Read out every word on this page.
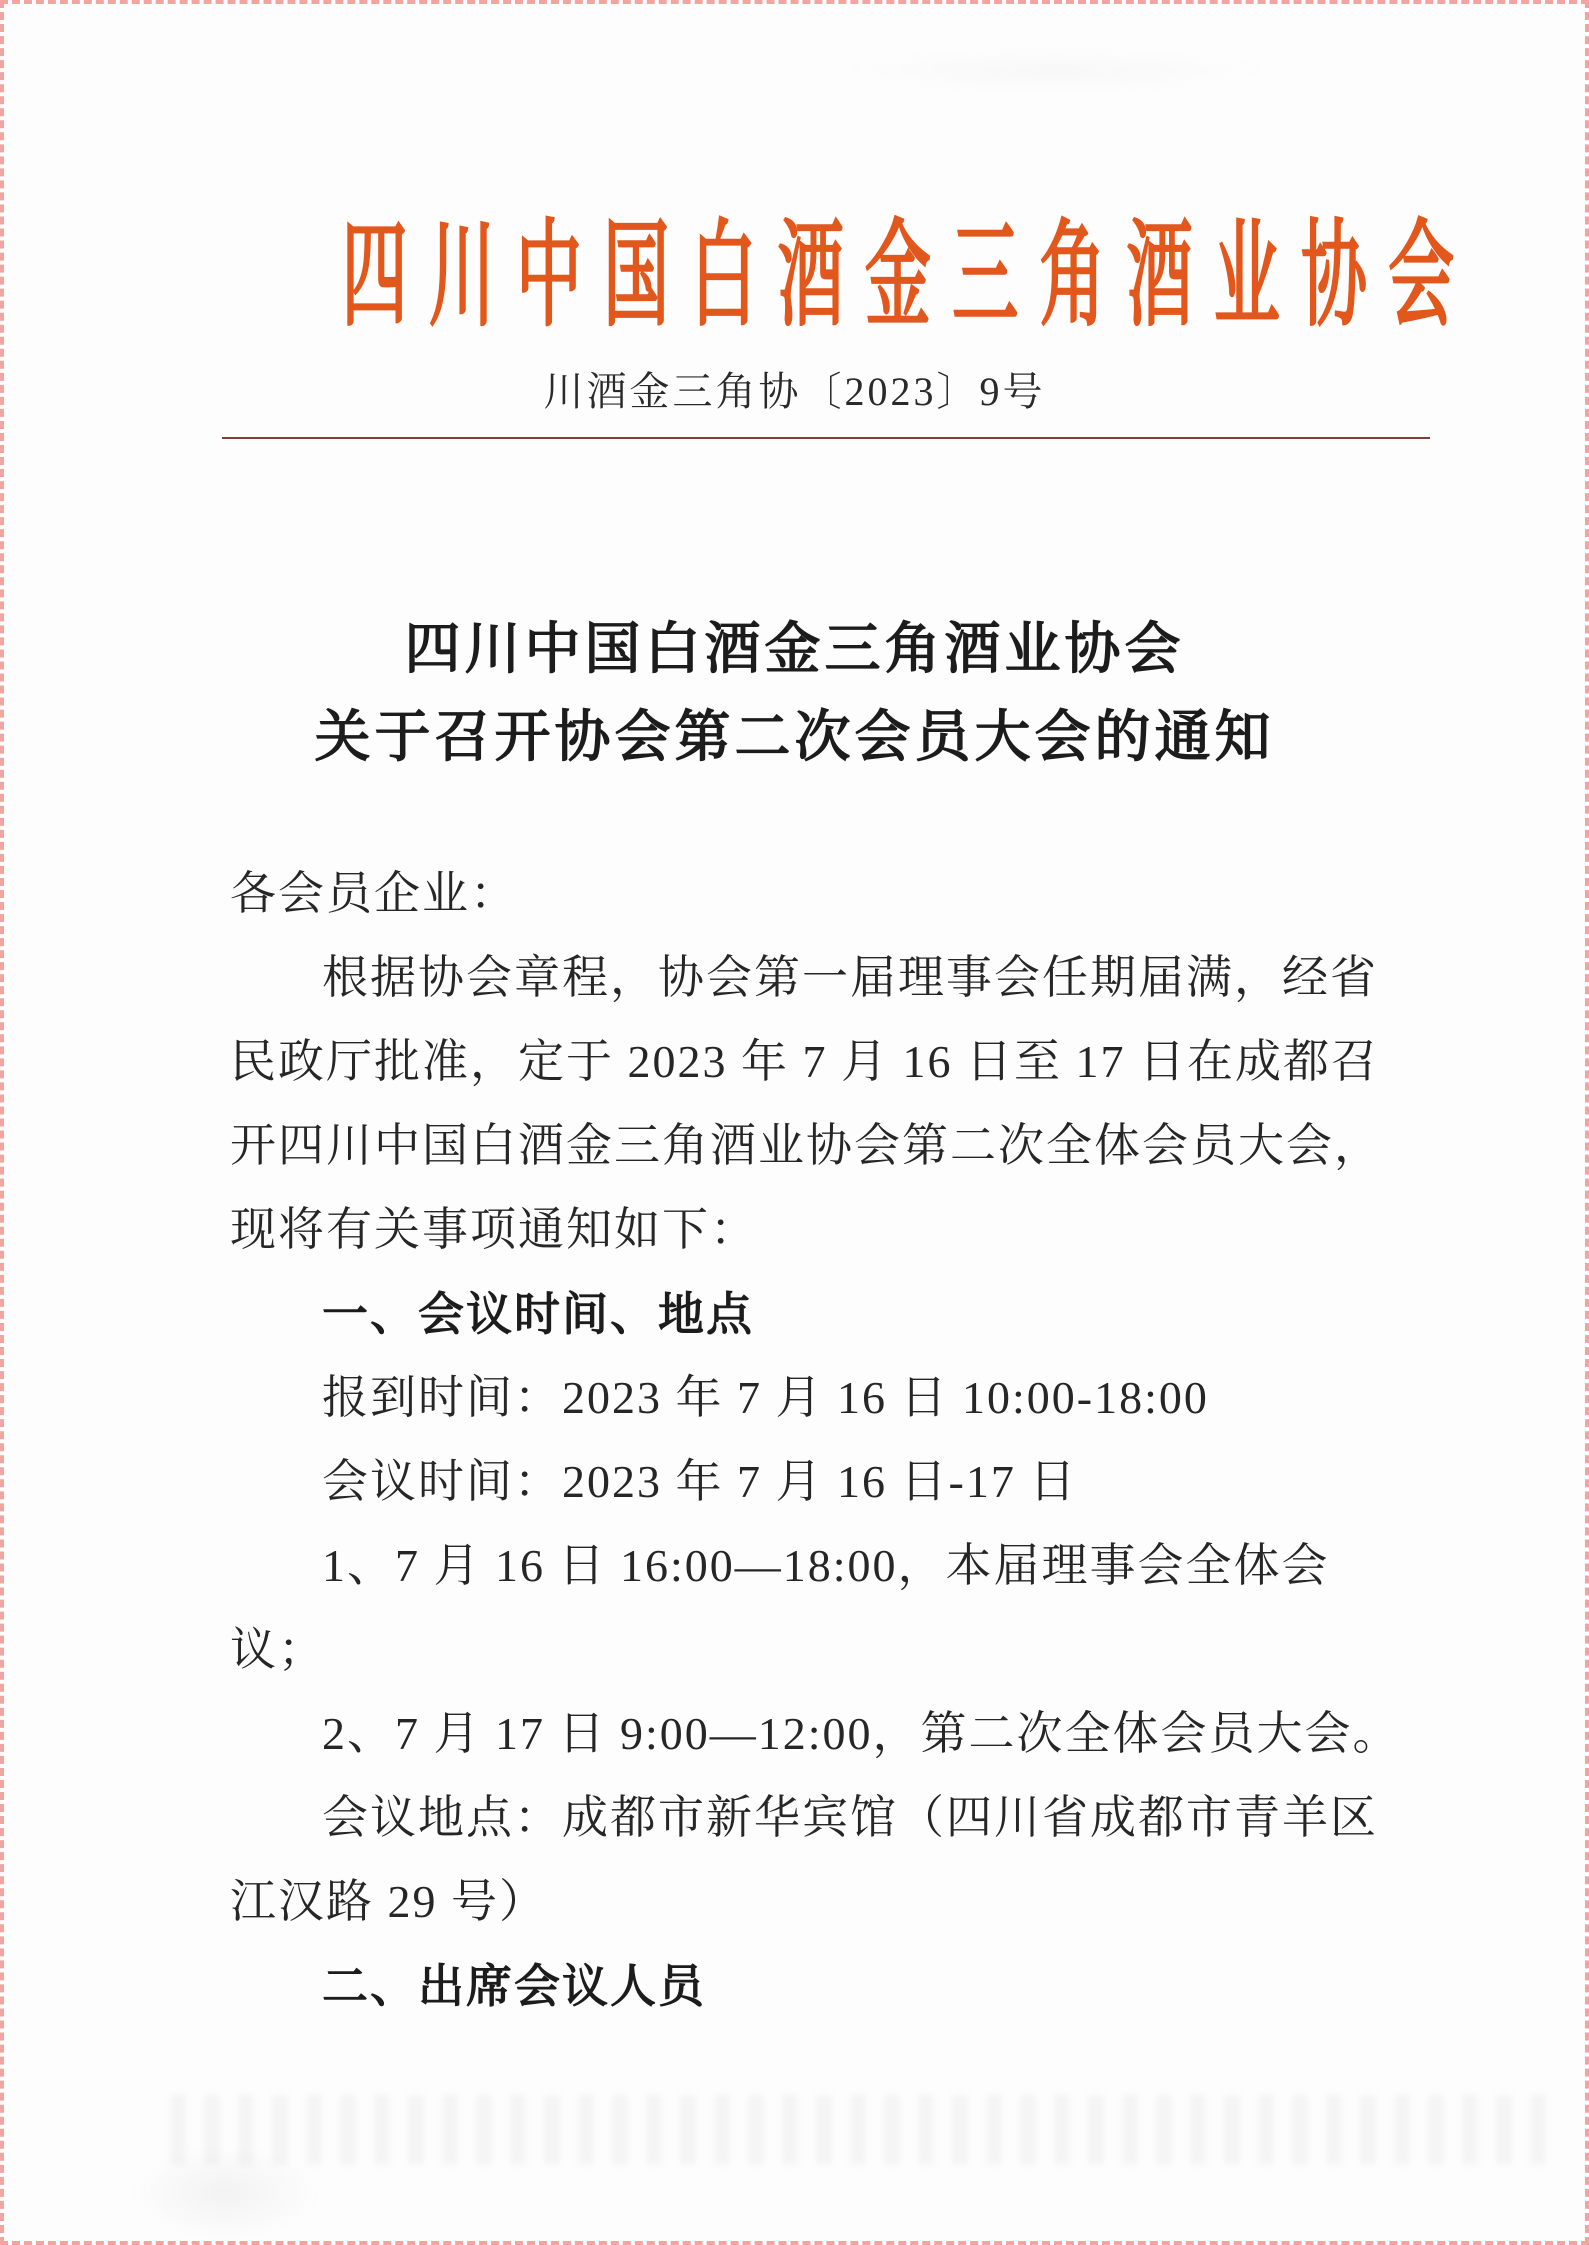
四川中国白酒金三角酒业协会
川酒金三角协〔2023〕9号
四川中国白酒金三角酒业协会
关于召开协会第二次会员大会的通知
各会员企业：
根据协会章程，协会第一届理事会任期届满，经省
民政厅批准，定于 2023 年 7 月 16 日至 17 日在成都召
开四川中国白酒金三角酒业协会第二次全体会员大会，
现将有关事项通知如下：
一、会议时间、地点
报到时间：2023 年 7 月 16 日 10:00-18:00
会议时间：2023 年 7 月 16 日-17 日
1、7 月 16 日 16:00—18:00，本届理事会全体会
议；
2、7 月 17 日 9:00—12:00，第二次全体会员大会。
会议地点：成都市新华宾馆（四川省成都市青羊区
江汉路 29 号）
二、出席会议人员
